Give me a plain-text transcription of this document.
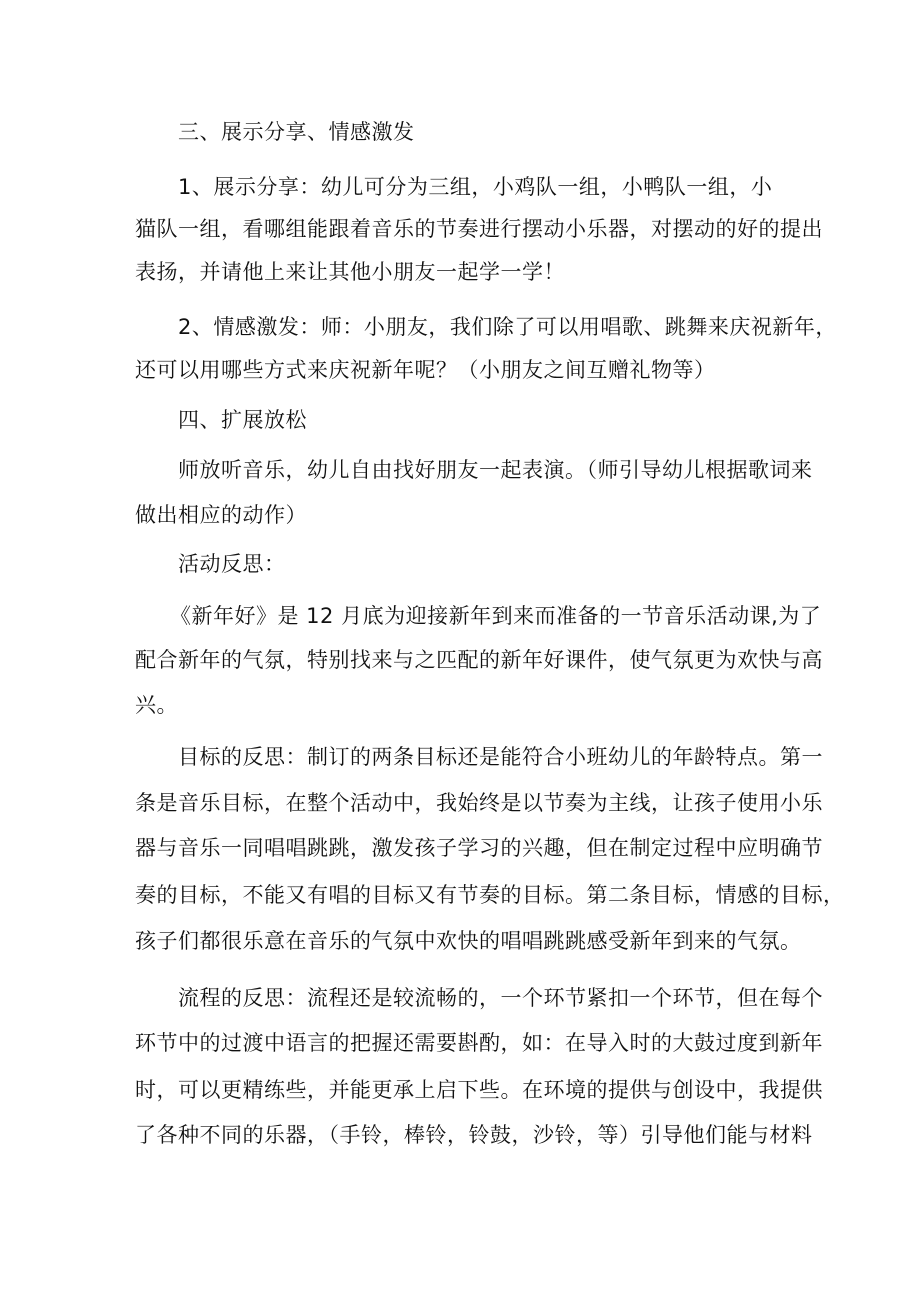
三、展示分享、情感激发

1、展示分享：幼儿可分为三组，小鸡队一组，小鸭队一组，小

猫队一组，看哪组能跟着音乐的节奏进行摆动小乐器，对摆动的好的提出

表扬，并请他上来让其他小朋友一起学一学！

2、情感激发：师：小朋友，我们除了可以用唱歌、跳舞来庆祝新年，

还可以用哪些方式来庆祝新年呢？（小朋友之间互赠礼物等）

四、扩展放松

师放听音乐，幼儿自由找好朋友一起表演。（师引导幼儿根据歌词来

做出相应的动作）

活动反思：

《新年好》是 12 月底为迎接新年到来而准备的一节音乐活动课,为了

配合新年的气氛，特别找来与之匹配的新年好课件，使气氛更为欢快与高

兴。

目标的反思：制订的两条目标还是能符合小班幼儿的年龄特点。第一

条是音乐目标，在整个活动中，我始终是以节奏为主线，让孩子使用小乐

器与音乐一同唱唱跳跳，激发孩子学习的兴趣，但在制定过程中应明确节

奏的目标，不能又有唱的目标又有节奏的目标。第二条目标，情感的目标，

孩子们都很乐意在音乐的气氛中欢快的唱唱跳跳感受新年到来的气氛。

流程的反思：流程还是较流畅的，一个环节紧扣一个环节，但在每个

环节中的过渡中语言的把握还需要斟酌，如：在导入时的大鼓过度到新年

时，可以更精练些，并能更承上启下些。在环境的提供与创设中，我提供

了各种不同的乐器，（手铃，棒铃，铃鼓，沙铃，等）引导他们能与材料
